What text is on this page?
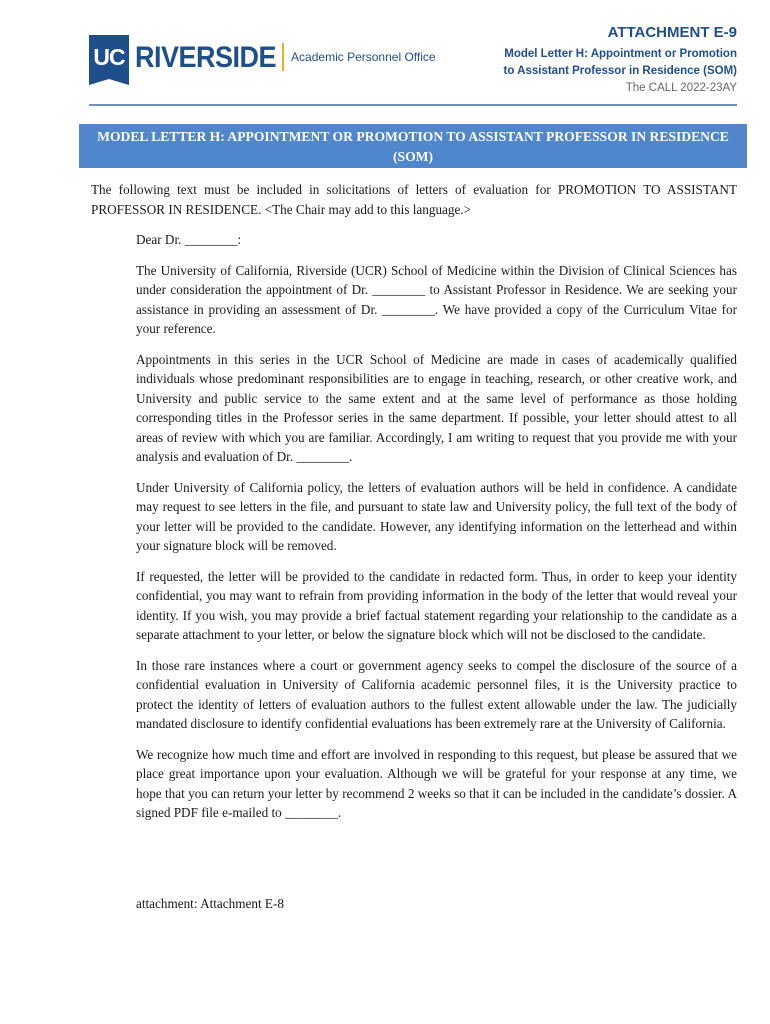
UC RIVERSIDE Academic Personnel Office
ATTACHMENT E-9
Model Letter H: Appointment or Promotion
to Assistant Professor in Residence (SOM)
The CALL 2022-23AY
MODEL LETTER H: APPOINTMENT OR PROMOTION TO ASSISTANT PROFESSOR IN RESIDENCE
(SOM)

The following text must be included in solicitations of letters of evaluation for PROMOTION TO ASSISTANT PROFESSOR IN RESIDENCE. <The Chair may add to this language.>

Dear Dr. ________:

The University of California, Riverside (UCR) School of Medicine within the Division of Clinical Sciences has under consideration the appointment of Dr. ________ to Assistant Professor in Residence. We are seeking your assistance in providing an assessment of Dr. ________. We have provided a copy of the Curriculum Vitae for your reference.

Appointments in this series in the UCR School of Medicine are made in cases of academically qualified individuals whose predominant responsibilities are to engage in teaching, research, or other creative work, and University and public service to the same extent and at the same level of performance as those holding corresponding titles in the Professor series in the same department. If possible, your letter should attest to all areas of review with which you are familiar. Accordingly, I am writing to request that you provide me with your analysis and evaluation of Dr. ________.

Under University of California policy, the letters of evaluation authors will be held in confidence. A candidate may request to see letters in the file, and pursuant to state law and University policy, the full text of the body of your letter will be provided to the candidate. However, any identifying information on the letterhead and within your signature block will be removed.

If requested, the letter will be provided to the candidate in redacted form. Thus, in order to keep your identity confidential, you may want to refrain from providing information in the body of the letter that would reveal your identity. If you wish, you may provide a brief factual statement regarding your relationship to the candidate as a separate attachment to your letter, or below the signature block which will not be disclosed to the candidate.

In those rare instances where a court or government agency seeks to compel the disclosure of the source of a confidential evaluation in University of California academic personnel files, it is the University practice to protect the identity of letters of evaluation authors to the fullest extent allowable under the law. The judicially mandated disclosure to identify confidential evaluations has been extremely rare at the University of California.

We recognize how much time and effort are involved in responding to this request, but please be assured that we place great importance upon your evaluation. Although we will be grateful for your response at any time, we hope that you can return your letter by recommend 2 weeks so that it can be included in the candidate’s dossier. A signed PDF file e-mailed to ________.

attachment: Attachment E-8
